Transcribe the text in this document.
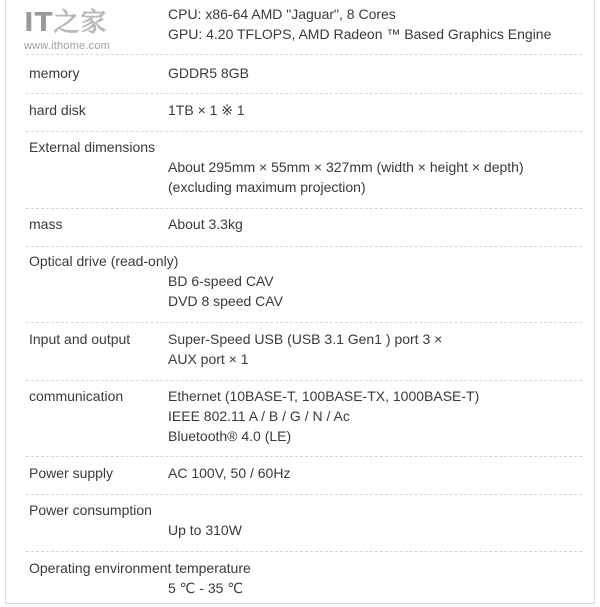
CPU: x86-64 AMD "Jaguar", 8 Cores
GPU: 4.20 TFLOPS, AMD Radeon ™ Based Graphics Engine
memory	GDDR5 8GB
hard disk	1TB × 1 ※ 1
External dimensions
About 295mm × 55mm × 327mm (width × height × depth)
(excluding maximum projection)
mass	About 3.3kg
Optical drive (read-only)
BD 6-speed CAV
DVD 8 speed CAV
Input and output	Super-Speed USB (USB 3.1 Gen1 ) port 3 ×
AUX port × 1
communication	Ethernet (10BASE-T, 100BASE-TX, 1000BASE-T)
IEEE 802.11 A / B / G / N / Ac
Bluetooth® 4.0 (LE)
Power supply	AC 100V, 50 / 60Hz
Power consumption
Up to 310W
Operating environment temperature
5 ℃ - 35 ℃
IT之家
www.ithome.com
